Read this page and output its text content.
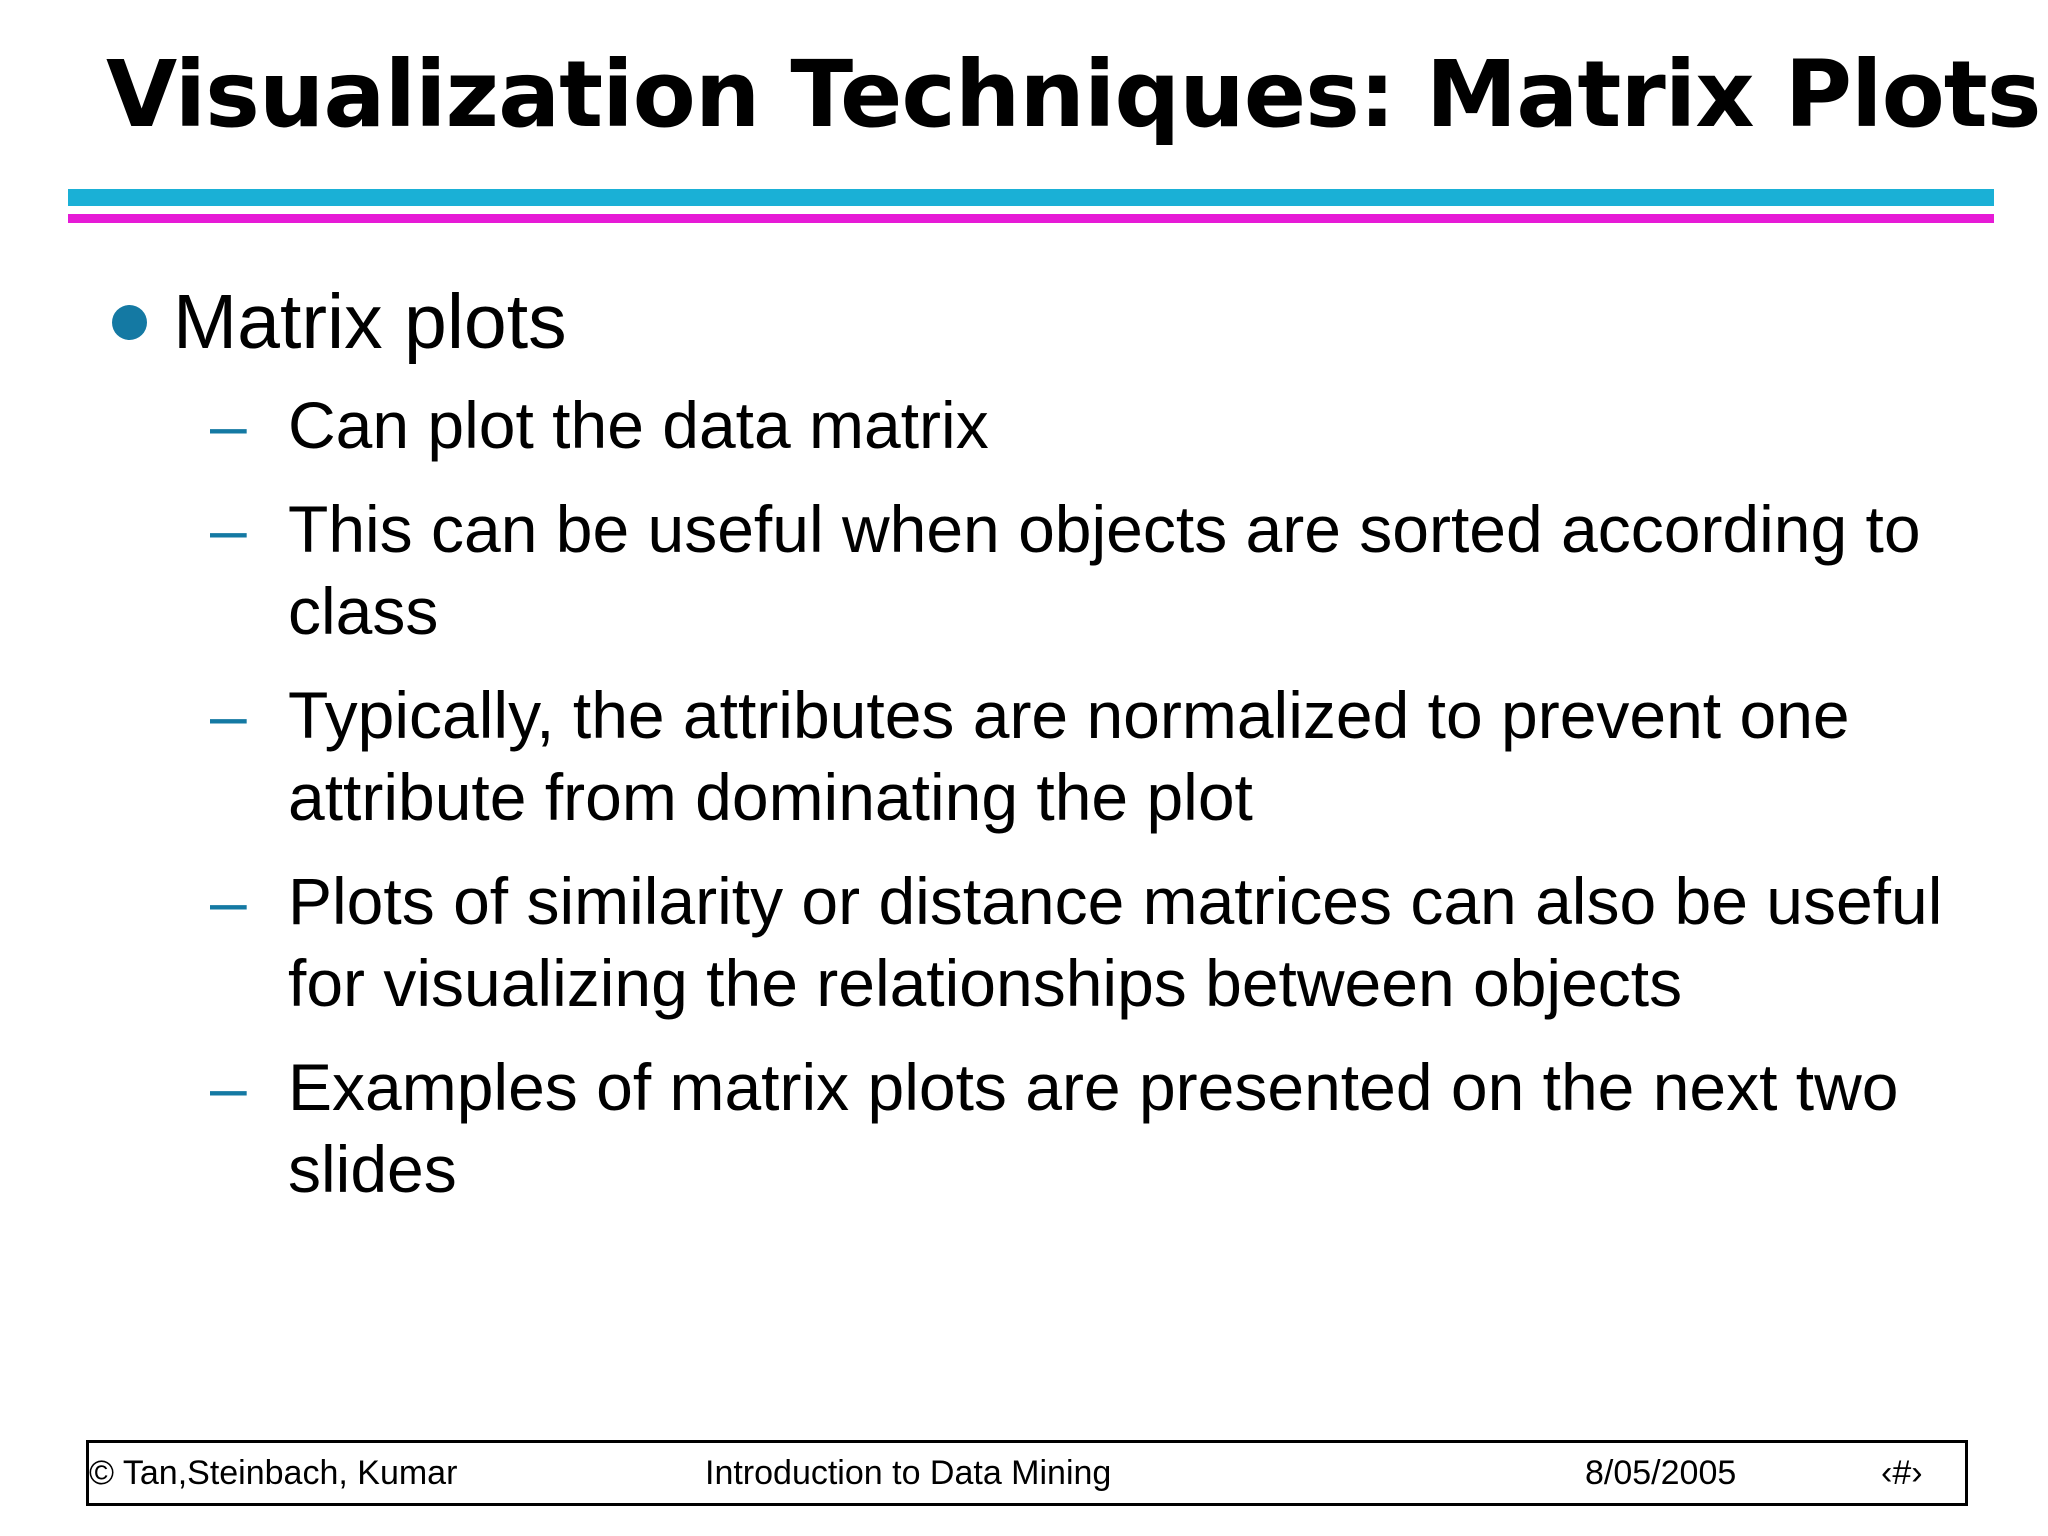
Visualization Techniques: Matrix Plots
Matrix plots
– Can plot the data matrix
– This can be useful when objects are sorted according to class
– Typically, the attributes are normalized to prevent one attribute from dominating the plot
– Plots of similarity or distance matrices can also be useful for visualizing the relationships between objects
– Examples of matrix plots are presented on the next two slides
© Tan,Steinbach, Kumar	Introduction to Data Mining	8/05/2005	‹#›
